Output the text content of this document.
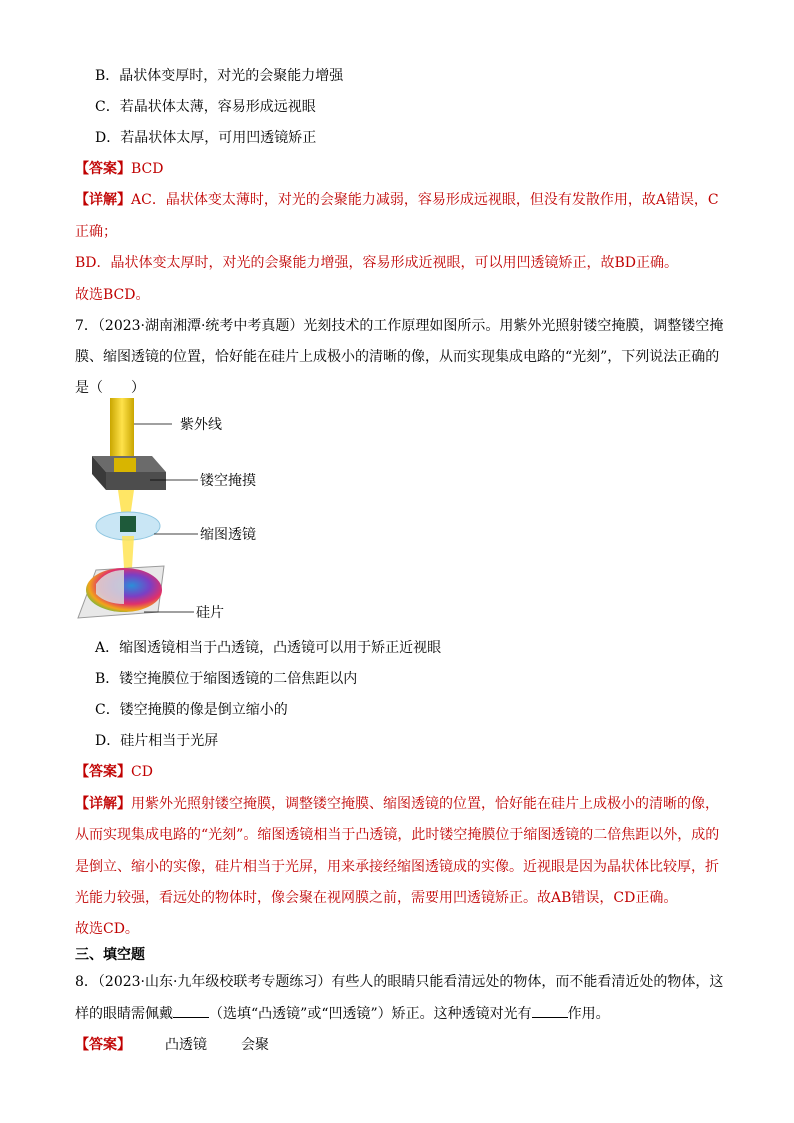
B．晶状体变厚时，对光的会聚能力增强
C．若晶状体太薄，容易形成远视眼
D．若晶状体太厚，可用凹透镜矫正
【答案】BCD
【详解】AC．晶状体变太薄时，对光的会聚能力减弱，容易形成远视眼，但没有发散作用，故A错误，C
正确；
BD．晶状体变太厚时，对光的会聚能力增强，容易形成近视眼，可以用凹透镜矫正，故BD正确。
故选BCD。
7．（2023·湖南湘潭·统考中考真题）光刻技术的工作原理如图所示。用紫外光照射镂空掩膜，调整镂空掩
膜、缩图透镜的位置，恰好能在硅片上成极小的清晰的像，从而实现集成电路的“光刻”，下列说法正确的
是（　　）
紫外线
镂空掩摸
缩图透镜
硅片
A．缩图透镜相当于凸透镜，凸透镜可以用于矫正近视眼
B．镂空掩膜位于缩图透镜的二倍焦距以内
C．镂空掩膜的像是倒立缩小的
D．硅片相当于光屏
【答案】CD
【详解】用紫外光照射镂空掩膜，调整镂空掩膜、缩图透镜的位置，恰好能在硅片上成极小的清晰的像，
从而实现集成电路的“光刻”。缩图透镜相当于凸透镜，此时镂空掩膜位于缩图透镜的二倍焦距以外，成的
是倒立、缩小的实像，硅片相当于光屏，用来承接经缩图透镜成的实像。近视眼是因为晶状体比较厚，折
光能力较强，看远处的物体时，像会聚在视网膜之前，需要用凹透镜矫正。故AB错误，CD正确。
故选CD。
三、填空题
8．（2023·山东·九年级校联考专题练习）有些人的眼睛只能看清远处的物体，而不能看清近处的物体，这
样的眼睛需佩戴	（选填“凸透镜”或“凹透镜”）矫正。这种透镜对光有	作用。
【答案】 凸透镜 会聚
